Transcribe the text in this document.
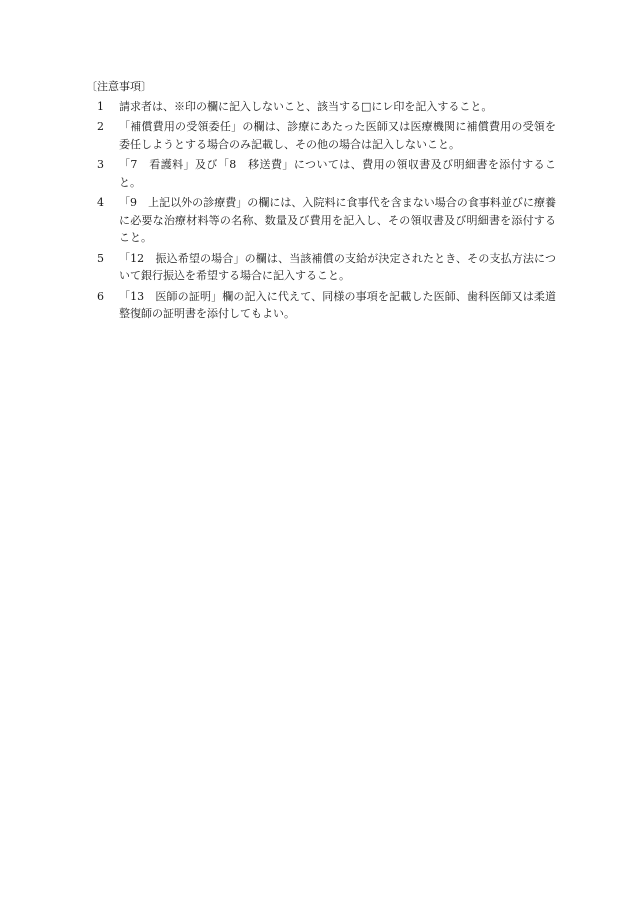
〔注意事項〕
1	請求者は、※印の欄に記入しないこと、該当する□にレ印を記入すること。
2	「補償費用の受領委任」の欄は、診療にあたった医師又は医療機関に補償費用の受領を委任しようとする場合のみ記載し、その他の場合は記入しないこと。
3	「7　看護料」及び「8　移送費」については、費用の領収書及び明細書を添付すること。
4	「9　上記以外の診療費」の欄には、入院料に食事代を含まない場合の食事料並びに療養に必要な治療材料等の名称、数量及び費用を記入し、その領収書及び明細書を添付すること。
5	「12　振込希望の場合」の欄は、当該補償の支給が決定されたとき、その支払方法について銀行振込を希望する場合に記入すること。
6	「13　医師の証明」欄の記入に代えて、同様の事項を記載した医師、歯科医師又は柔道整復師の証明書を添付してもよい。
